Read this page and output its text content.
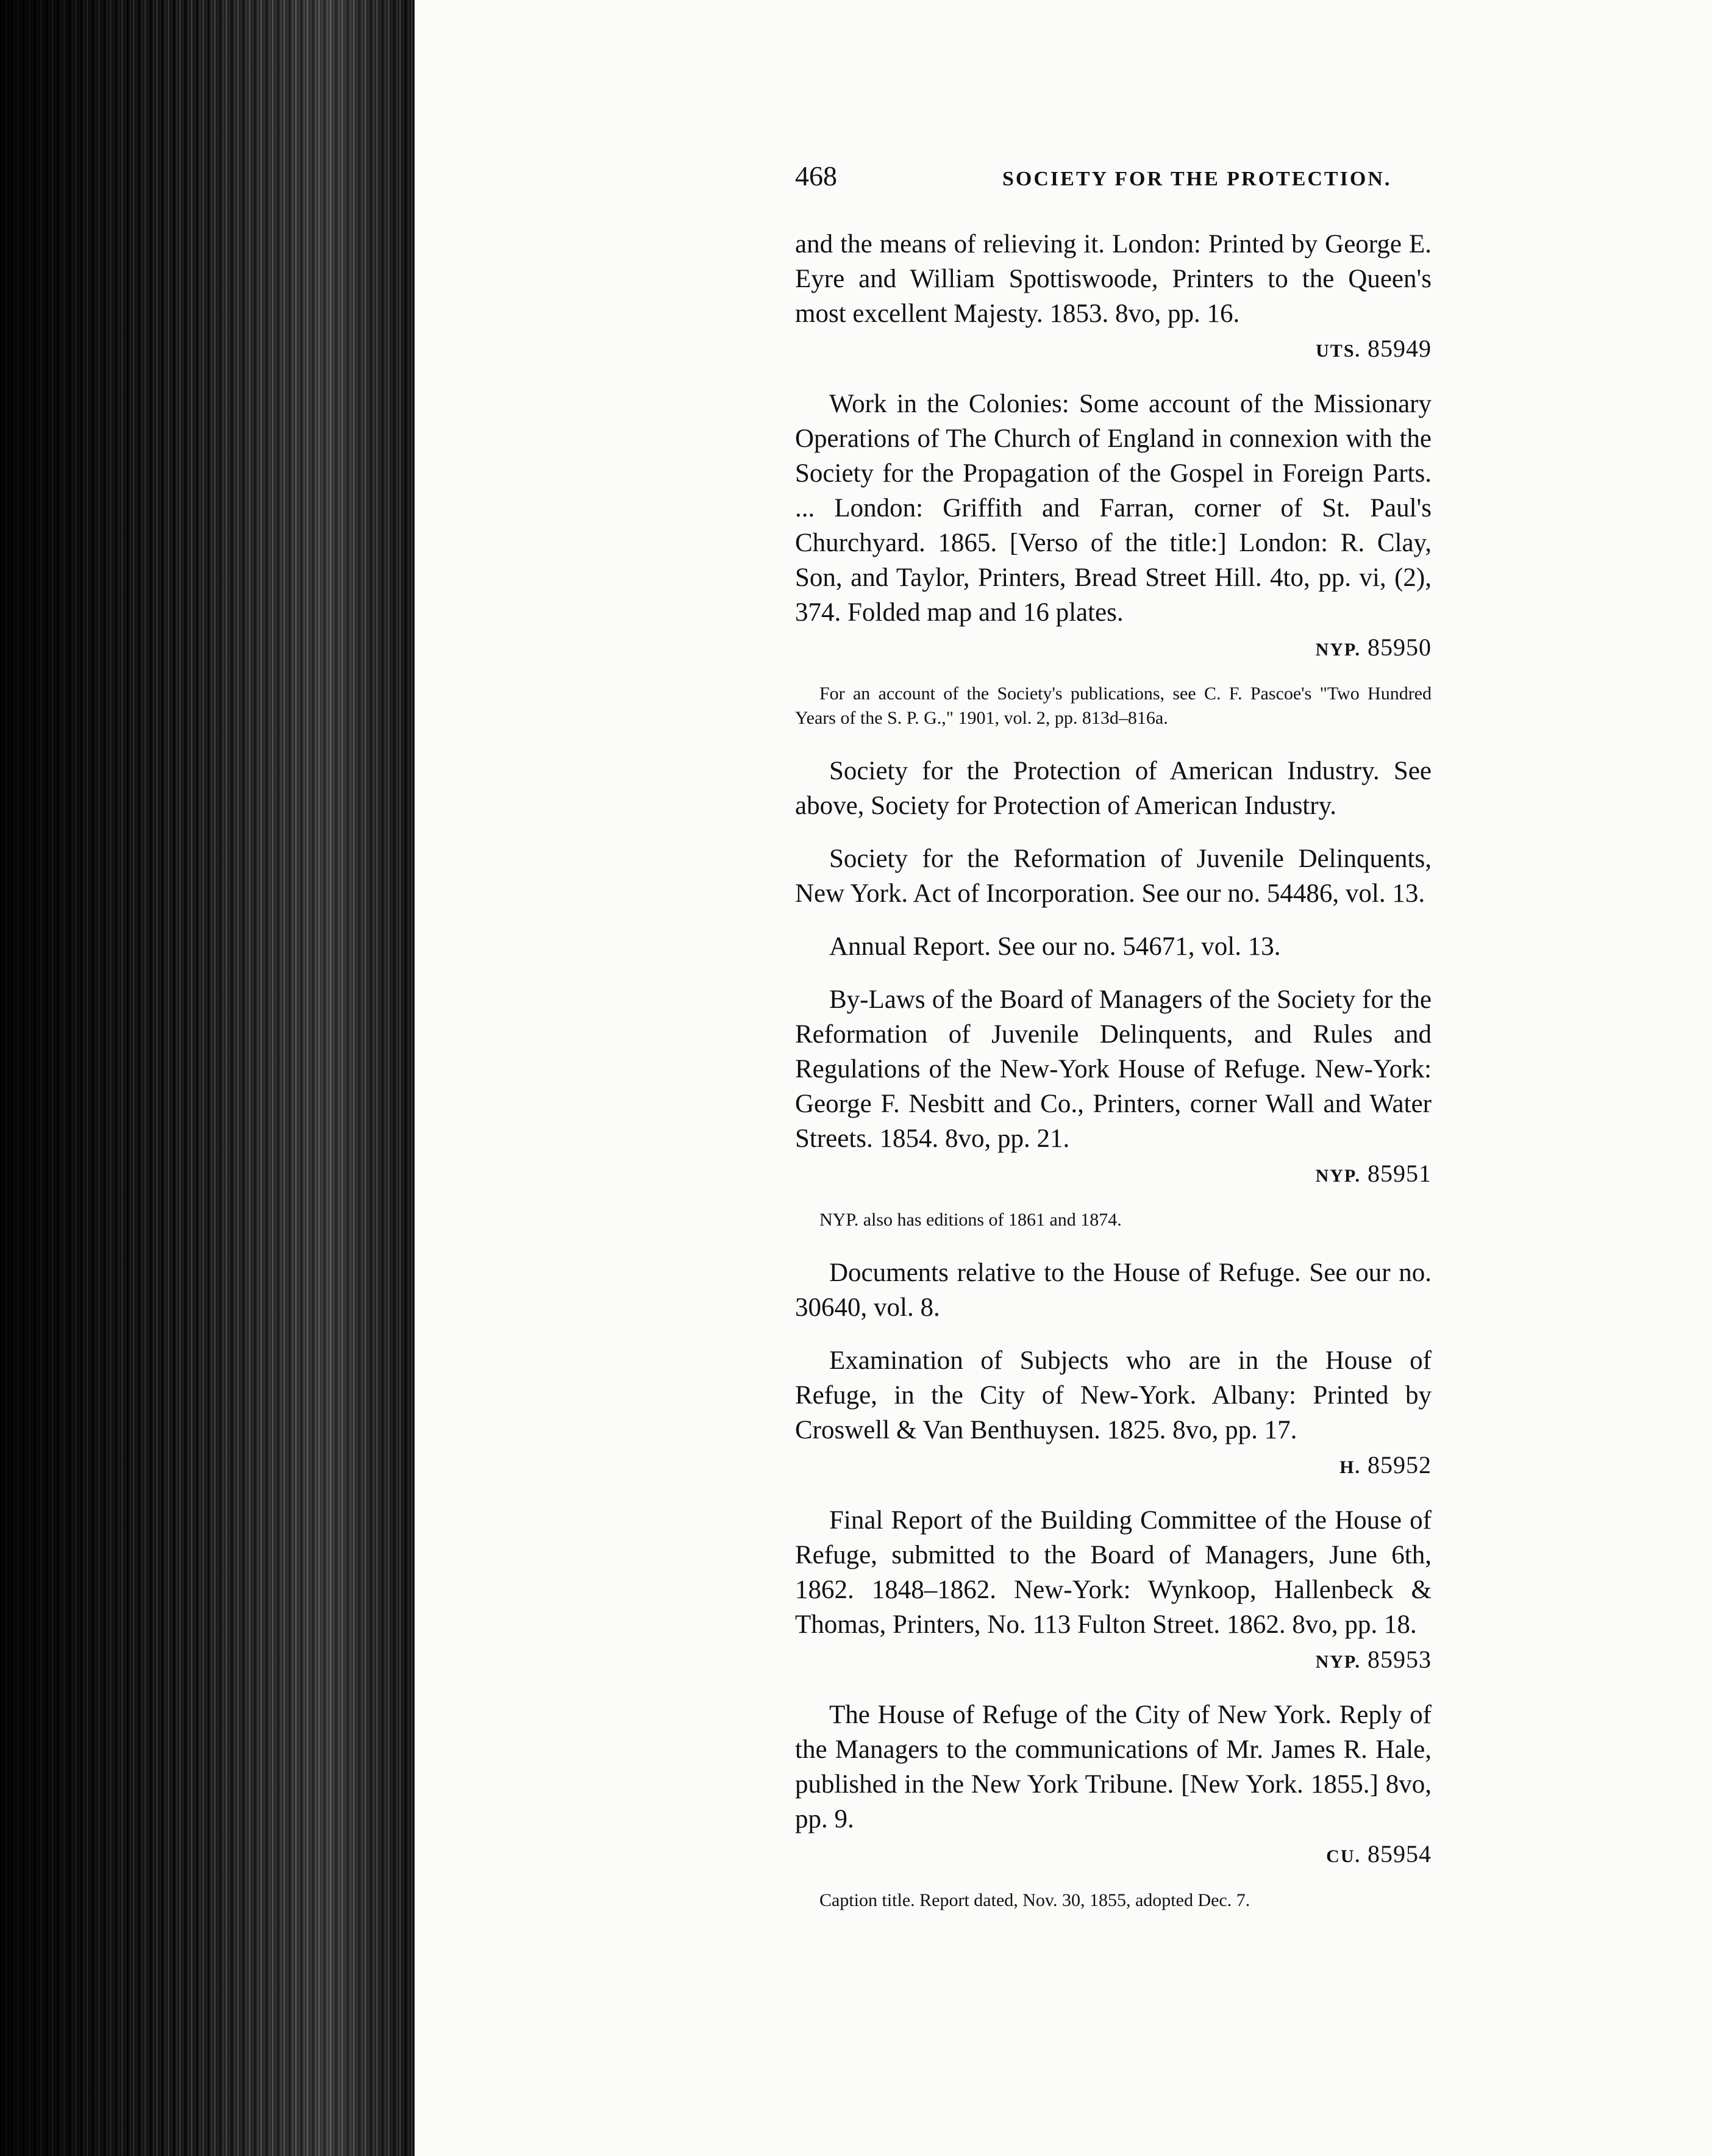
468	SOCIETY FOR THE PROTECTION.

and the means of relieving it. London: Printed by George E. Eyre and William Spottiswoode, Printers to the Queen's most excellent Majesty. 1853. 8vo, pp. 16.

UTS. 85949

Work in the Colonies: Some account of the Missionary Operations of The Church of England in connexion with the Society for the Propagation of the Gospel in Foreign Parts. ... London: Griffith and Farran, corner of St. Paul's Churchyard. 1865. [Verso of the title:] London: R. Clay, Son, and Taylor, Printers, Bread Street Hill. 4to, pp. vi, (2), 374. Folded map and 16 plates.

NYP. 85950

For an account of the Society's publications, see C. F. Pascoe's "Two Hundred Years of the S. P. G.," 1901, vol. 2, pp. 813d–816a.

Society for the Protection of American Industry. See above, Society for Protection of American Industry.

Society for the Reformation of Juvenile Delinquents, New York. Act of Incorporation. See our no. 54486, vol. 13.

Annual Report. See our no. 54671, vol. 13.

By-Laws of the Board of Managers of the Society for the Reformation of Juvenile Delinquents, and Rules and Regulations of the New-York House of Refuge. New-York: George F. Nesbitt and Co., Printers, corner Wall and Water Streets. 1854. 8vo, pp. 21.

NYP. 85951

NYP. also has editions of 1861 and 1874.

Documents relative to the House of Refuge. See our no. 30640, vol. 8.

Examination of Subjects who are in the House of Refuge, in the City of New-York. Albany: Printed by Croswell & Van Benthuysen. 1825. 8vo, pp. 17.

H. 85952

Final Report of the Building Committee of the House of Refuge, submitted to the Board of Managers, June 6th, 1862. 1848–1862. New-York: Wynkoop, Hallenbeck & Thomas, Printers, No. 113 Fulton Street. 1862. 8vo, pp. 18.

NYP. 85953

The House of Refuge of the City of New York. Reply of the Managers to the communications of Mr. James R. Hale, published in the New York Tribune. [New York. 1855.] 8vo, pp. 9.

CU. 85954

Caption title. Report dated, Nov. 30, 1855, adopted Dec. 7.
